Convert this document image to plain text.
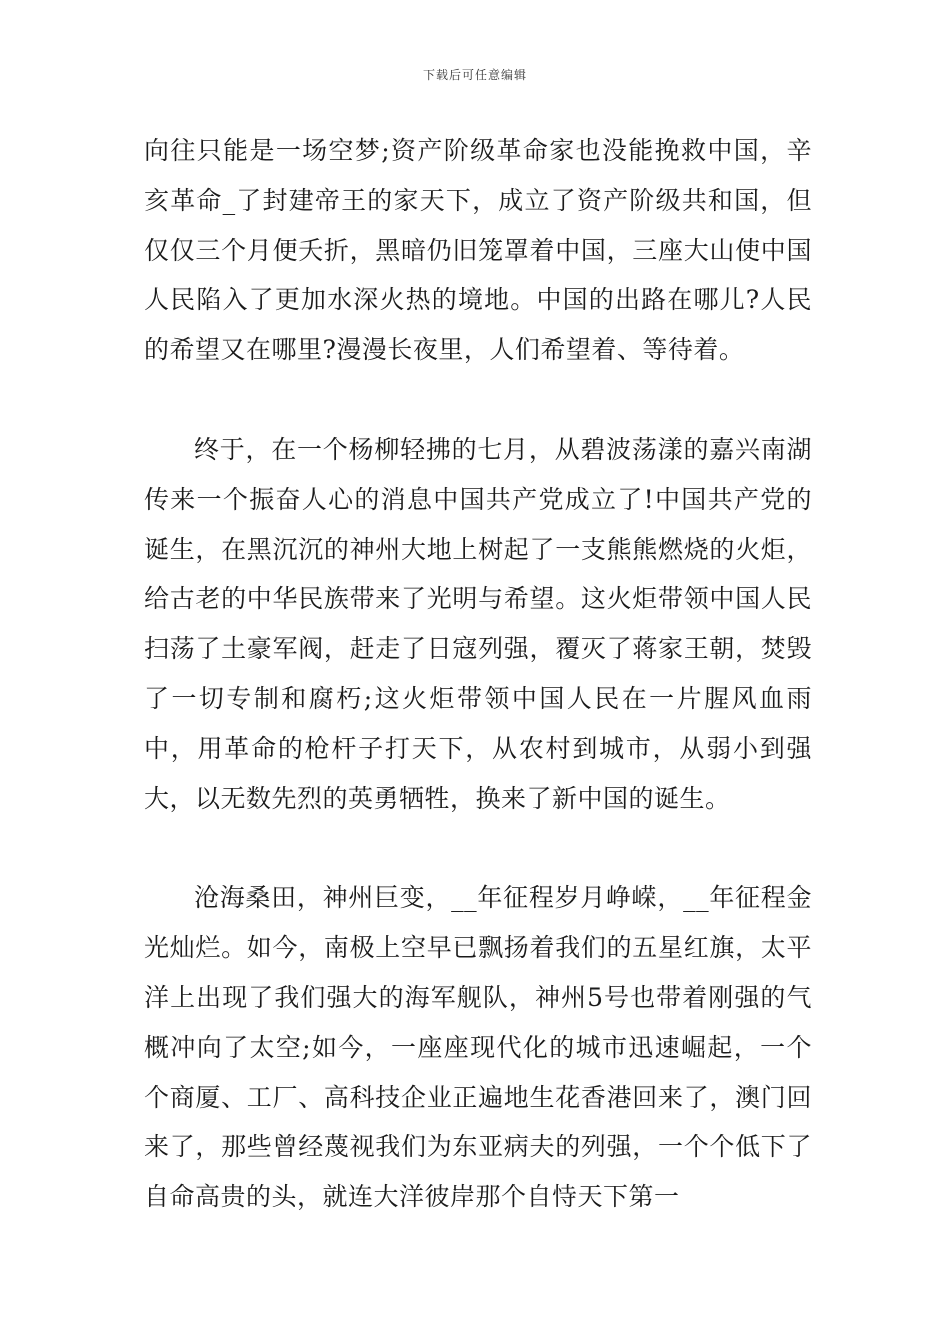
下载后可任意编辑

向往只能是一场空梦;资产阶级革命家也没能挽救中国，辛亥革命_了封建帝王的家天下，成立了资产阶级共和国，但仅仅三个月便夭折，黑暗仍旧笼罩着中国，三座大山使中国人民陷入了更加水深火热的境地。中国的出路在哪儿?人民的希望又在哪里?漫漫长夜里，人们希望着、等待着。

终于，在一个杨柳轻拂的七月，从碧波荡漾的嘉兴南湖传来一个振奋人心的消息中国共产党成立了!中国共产党的诞生，在黑沉沉的神州大地上树起了一支熊熊燃烧的火炬，给古老的中华民族带来了光明与希望。这火炬带领中国人民扫荡了土豪军阀，赶走了日寇列强，覆灭了蒋家王朝，焚毁了一切专制和腐朽;这火炬带领中国人民在一片腥风血雨中，用革命的枪杆子打天下，从农村到城市，从弱小到强大，以无数先烈的英勇牺牲，换来了新中国的诞生。

沧海桑田，神州巨变，__年征程岁月峥嵘，__年征程金光灿烂。如今，南极上空早已飘扬着我们的五星红旗，太平洋上出现了我们强大的海军舰队，神州5号也带着刚强的气概冲向了太空;如今，一座座现代化的城市迅速崛起，一个个商厦、工厂、高科技企业正遍地生花香港回来了，澳门回来了，那些曾经蔑视我们为东亚病夫的列强，一个个低下了自命高贵的头，就连大洋彼岸那个自恃天下第一
